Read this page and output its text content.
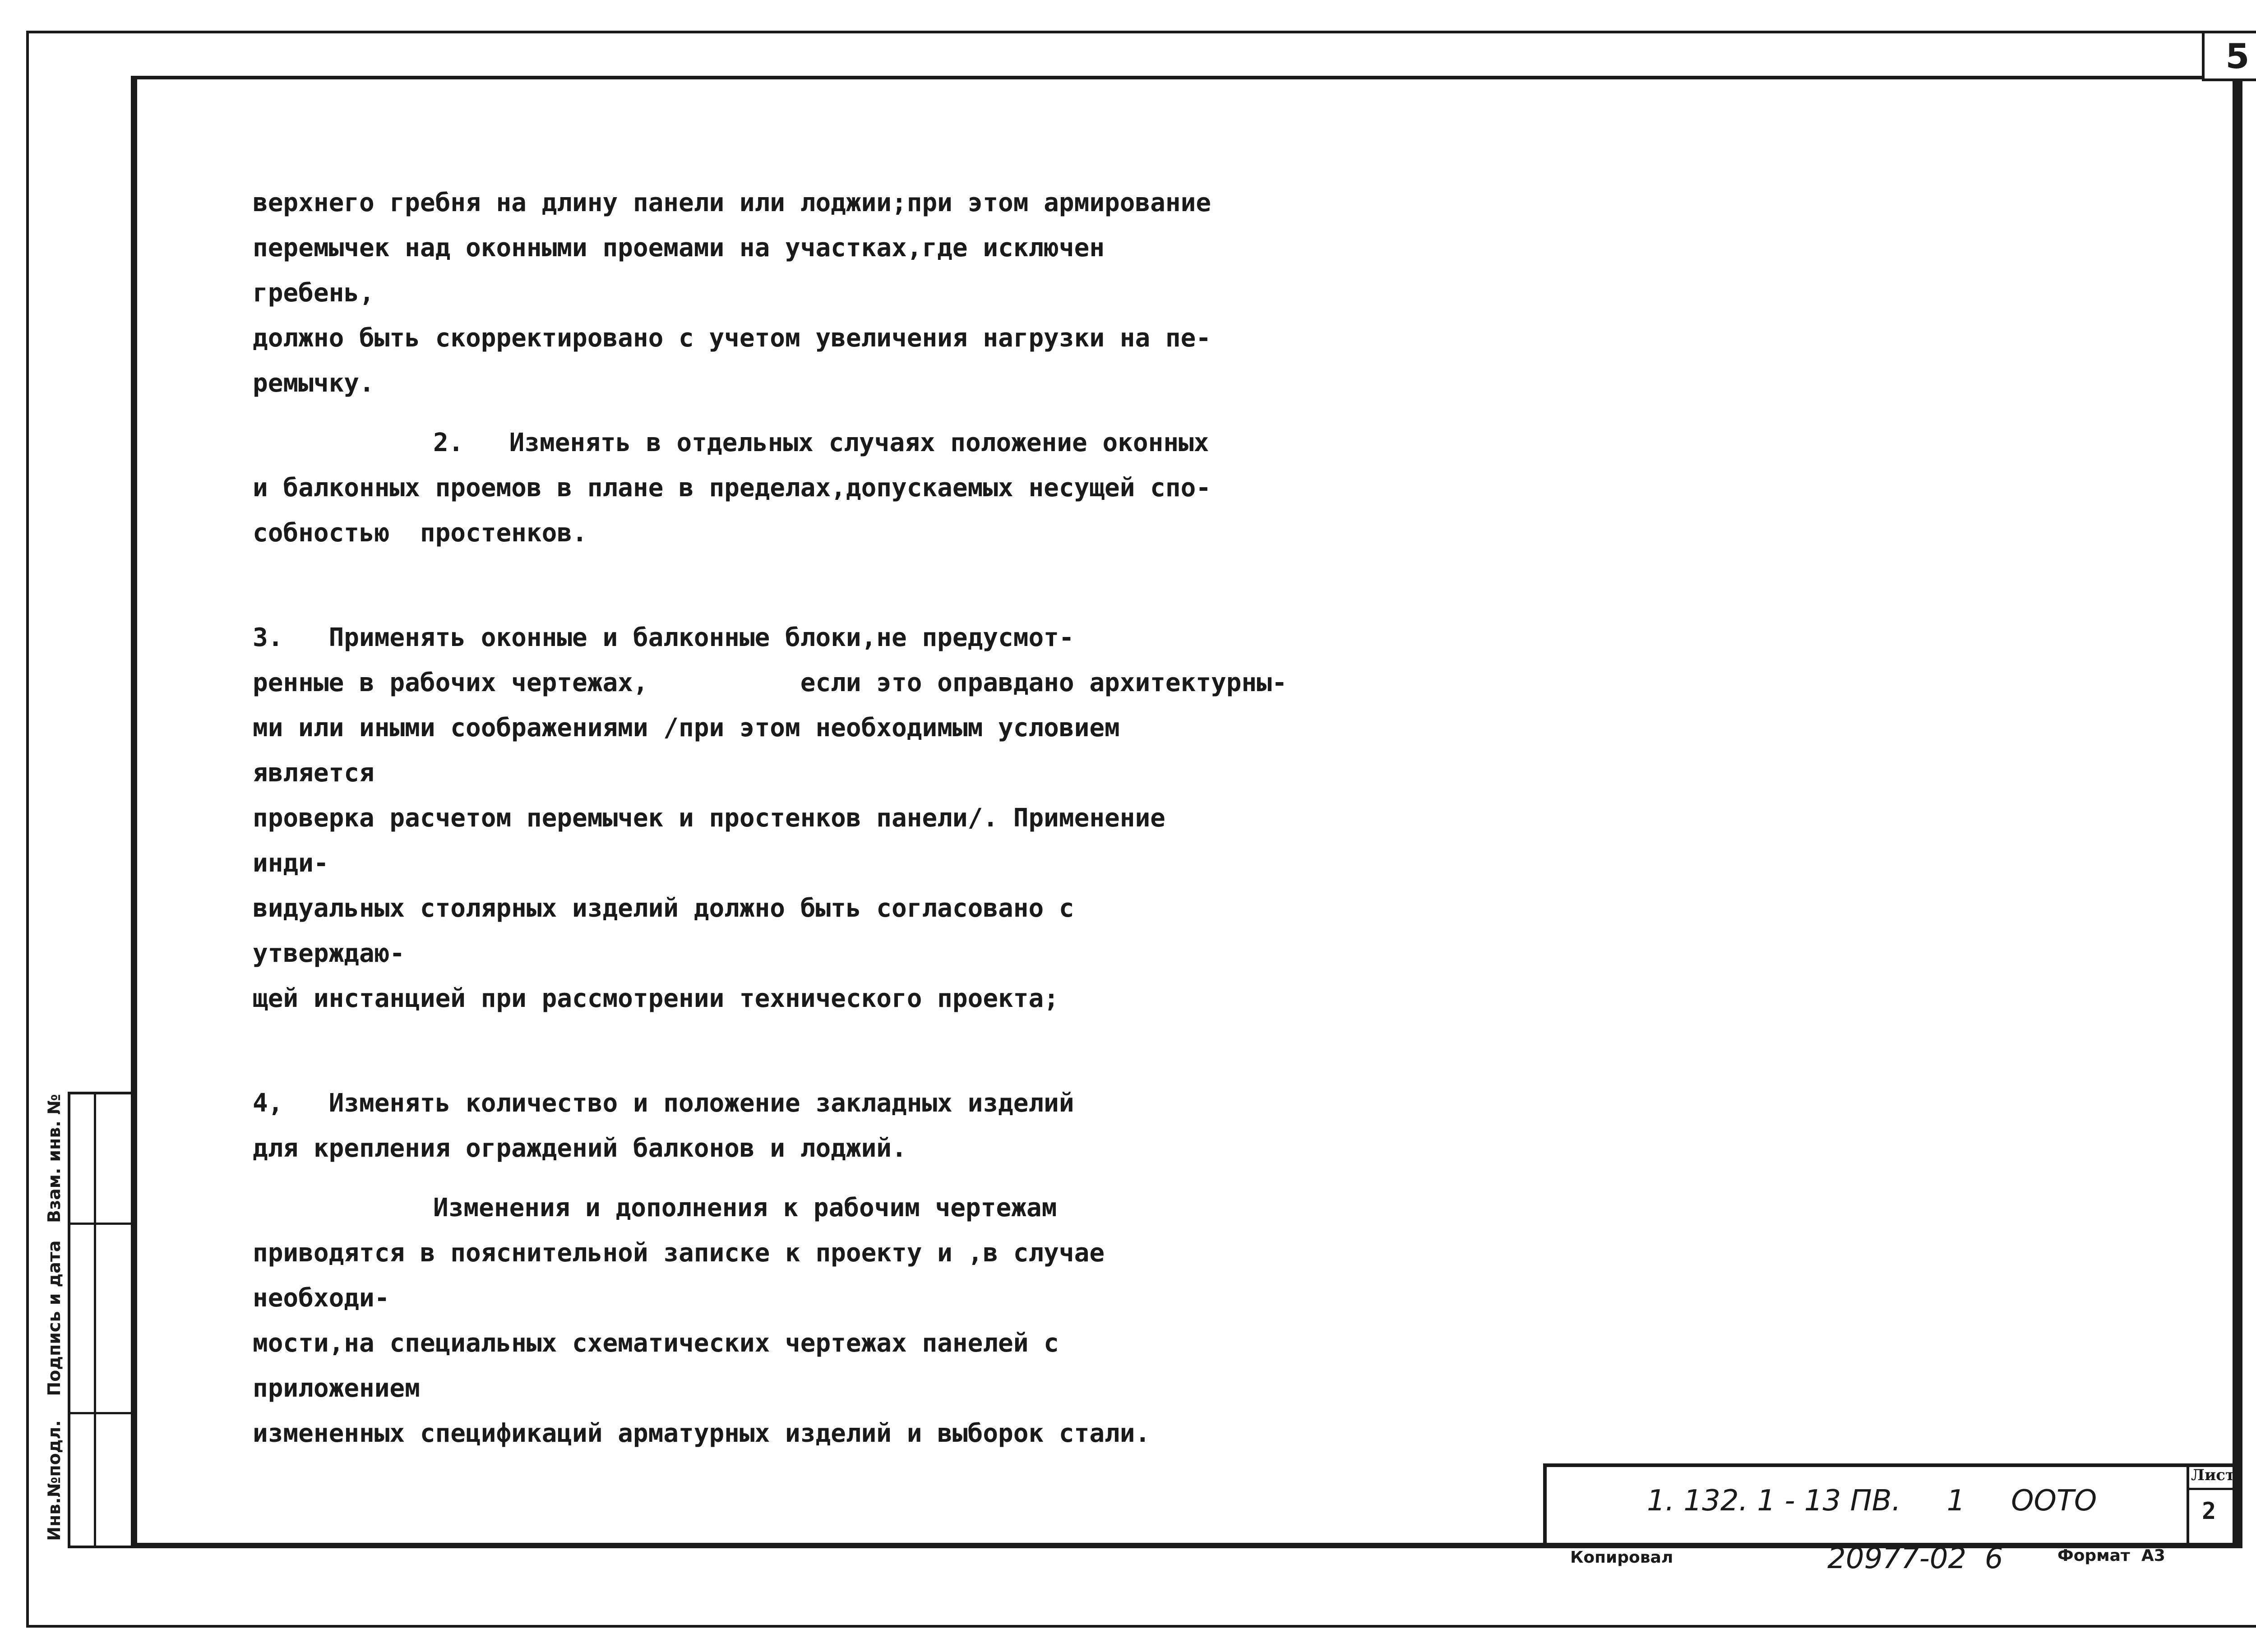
5

верхнего гребня на длину панели или лоджии;при этом армирование
перемычек над оконными проемами на участках,где исключен гребень,
должно быть скорректировано с учетом увеличения нагрузки на пе-
ремычку.

2.   Изменять в отдельных случаях положение оконных
и балконных проемов в плане в пределах,допускаемых несущей спо-
собностью  простенков.

3.   Применять оконные и балконные блоки,не предусмот-
ренные в рабочих чертежах,          если это оправдано архитектурны-
ми или иными соображениями /при этом необходимым условием является
проверка расчетом перемычек и простенков панели/. Применение инди-
видуальных столярных изделий должно быть согласовано с утверждаю-
щей инстанцией при рассмотрении технического проекта;

4,   Изменять количество и положение закладных изделий
для крепления ограждений балконов и лоджий.

Изменения и дополнения к рабочим чертежам
приводятся в пояснительной записке к проекту и ,в случае необходи-
мости,на специальных схематических чертежах панелей с приложением
измененных спецификаций арматурных изделий и выборок стали.

Взам. инв. №
Подпись и дата
Инв.№подл.	1. 132. 1 - 13 ПВ.     1     ООТО
Лист
2
Копировал	20977-02  6	Формат  А3
